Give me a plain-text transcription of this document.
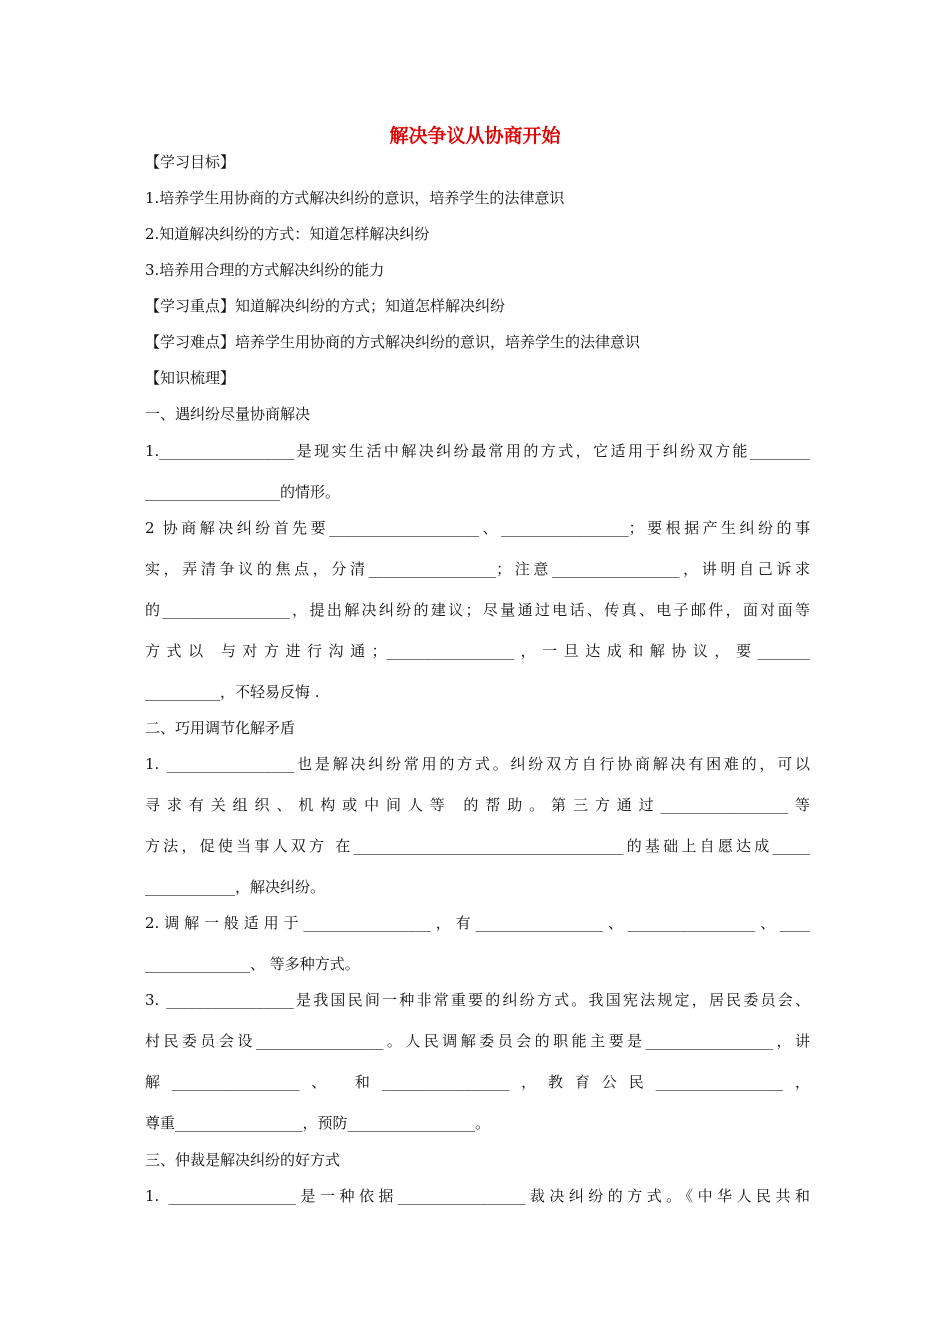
解决争议从协商开始
【学习目标】
1.培养学生用协商的方式解决纠纷的意识，培养学生的法律意识
2.知道解决纠纷的方式：知道怎样解决纠纷
3.培养用合理的方式解决纠纷的能力
【学习重点】知道解决纠纷的方式；知道怎样解决纠纷
【学习难点】培养学生用协商的方式解决纠纷的意识，培养学生的法律意识
【知识梳理】
一、遇纠纷尽量协商解决
1.__________________是现实生活中解决纠纷最常用的方式，它适用于纠纷双方能________
__________________的情形。
2 协商解决纠纷首先要____________________、_________________；要根据产生纠纷的事
实，弄清争议的焦点，分清_________________；注意_________________，讲明自己诉求
的_________________，提出解决纠纷的建议；尽量通过电话、传真、电子邮件，面对面等
方式以 与对方进行沟通；_________________，一旦达成和解协议，要_______
__________，不轻易反悔 .
二、巧用调节化解矛盾
1. _________________也是解决纠纷常用的方式。纠纷双方自行协商解决有困难的，可以
寻求有关组织、机构或中间人等 的帮助。第三方通过_________________等
方法，促使当事人双方 在____________________________________的基础上自愿达成_____
____________，解决纠纷。
2.调解一般适用于_________________，有_________________、_________________、____
______________、 等多种方式。
3. _________________是我国民间一种非常重要的纠纷方式。我国宪法规定，居民委员会、
村民委员会设_________________。人民调解委员会的职能主要是_________________，讲
解_________________、 和_________________，教育公民_________________，
尊重_________________，预防_________________。
三、仲裁是解决纠纷的好方式
1. _________________是一种依据_________________裁决纠纷的方式。《中华人民共和
